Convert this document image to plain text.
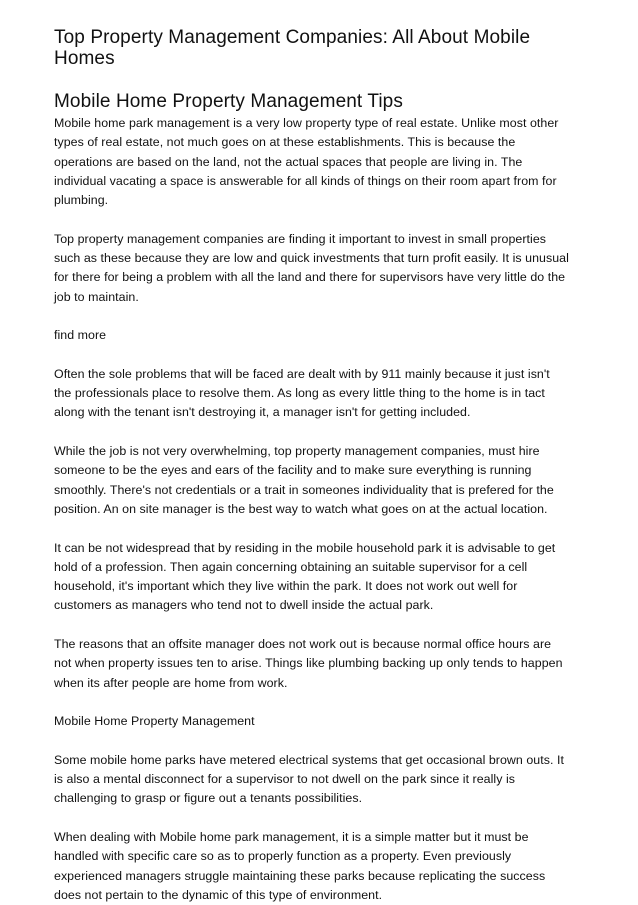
Top Property Management Companies: All About Mobile
Homes
Mobile Home Property Management Tips

Mobile home park management is a very low property type of real estate. Unlike most other
types of real estate, not much goes on at these establishments. This is because the
operations are based on the land, not the actual spaces that people are living in. The
individual vacating a space is answerable for all kinds of things on their room apart from for
plumbing.

Top property management companies are finding it important to invest in small properties
such as these because they are low and quick investments that turn profit easily. It is unusual
for there for being a problem with all the land and there for supervisors have very little do the
job to maintain.

find more

Often the sole problems that will be faced are dealt with by 911 mainly because it just isn't
the professionals place to resolve them. As long as every little thing to the home is in tact
along with the tenant isn't destroying it, a manager isn't for getting included.

While the job is not very overwhelming, top property management companies, must hire
someone to be the eyes and ears of the facility and to make sure everything is running
smoothly. There's not credentials or a trait in someones individuality that is prefered for the
position. An on site manager is the best way to watch what goes on at the actual location.

It can be not widespread that by residing in the mobile household park it is advisable to get
hold of a profession. Then again concerning obtaining an suitable supervisor for a cell
household, it's important which they live within the park. It does not work out well for
customers as managers who tend not to dwell inside the actual park.

The reasons that an offsite manager does not work out is because normal office hours are
not when property issues ten to arise. Things like plumbing backing up only tends to happen
when its after people are home from work.

Mobile Home Property Management

Some mobile home parks have metered electrical systems that get occasional brown outs. It
is also a mental disconnect for a supervisor to not dwell on the park since it really is
challenging to grasp or figure out a tenants possibilities.

When dealing with Mobile home park management, it is a simple matter but it must be
handled with specific care so as to properly function as a property. Even previously
experienced managers struggle maintaining these parks because replicating the success
does not pertain to the dynamic of this type of environment.
